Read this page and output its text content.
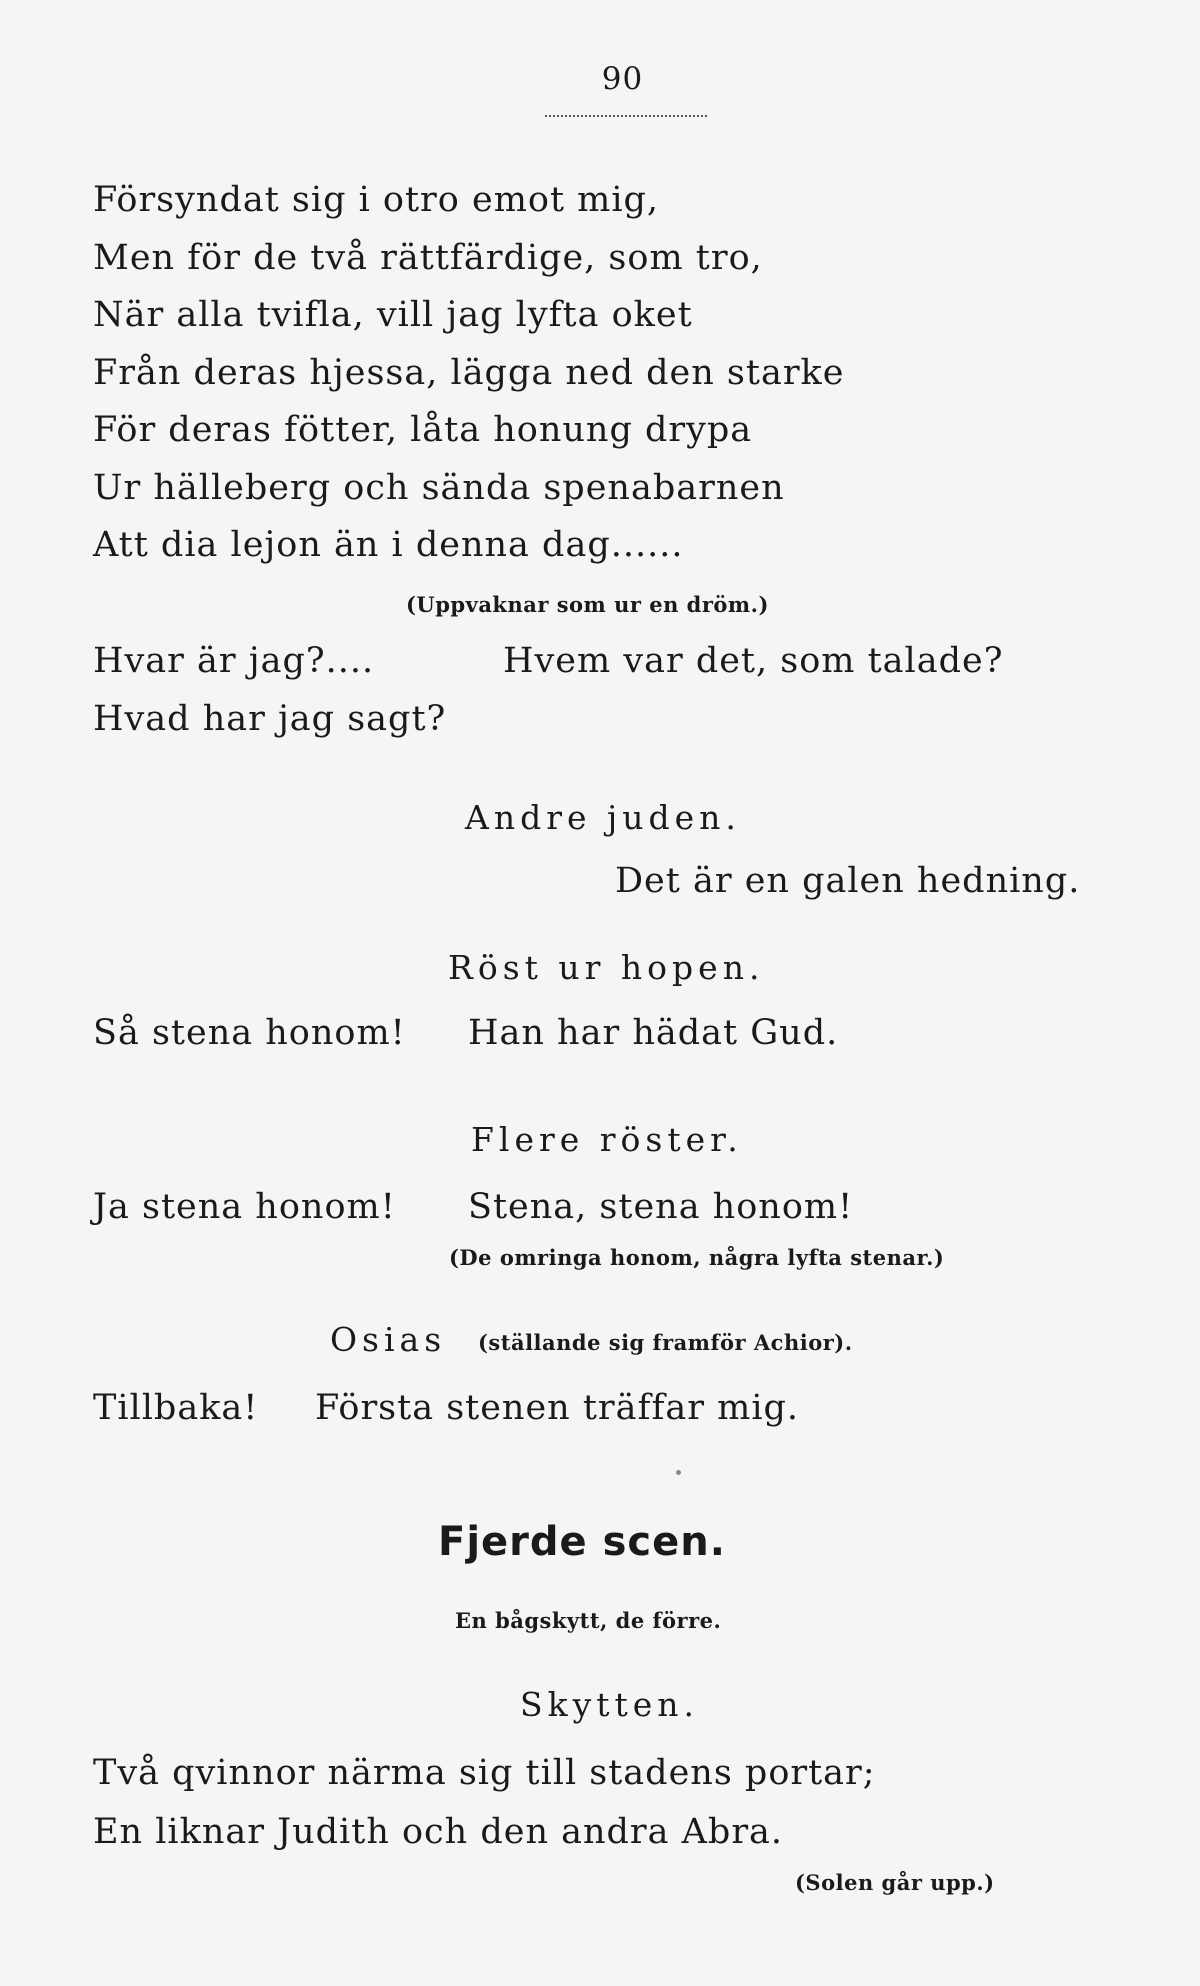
90
Försyndat sig i otro emot mig,
Men för de två rättfärdige, som tro,
När alla tvifla, vill jag lyfta oket
Från deras hjessa, lägga ned den starke
För deras fötter, låta honung drypa
Ur hälleberg och sända spenabarnen
Att dia lejon än i denna dag......
(Uppvaknar som ur en dröm.)
Hvar är jag?....	Hvem var det, som talade?
Hvad har jag sagt?
Andre juden.
Det är en galen hedning.
Röst ur hopen.
Så stena honom! Han har hädat Gud.
Flere röster.
Ja stena honom! Stena, stena honom!
(De omringa honom, några lyfta stenar.)
Osias (ställande sig framför Achior).
Tillbaka! Första stenen träffar mig.
Fjerde scen.
En bågskytt, de förre.
Skytten.
Två qvinnor närma sig till stadens portar;
En liknar Judith och den andra Abra.
(Solen går upp.)
